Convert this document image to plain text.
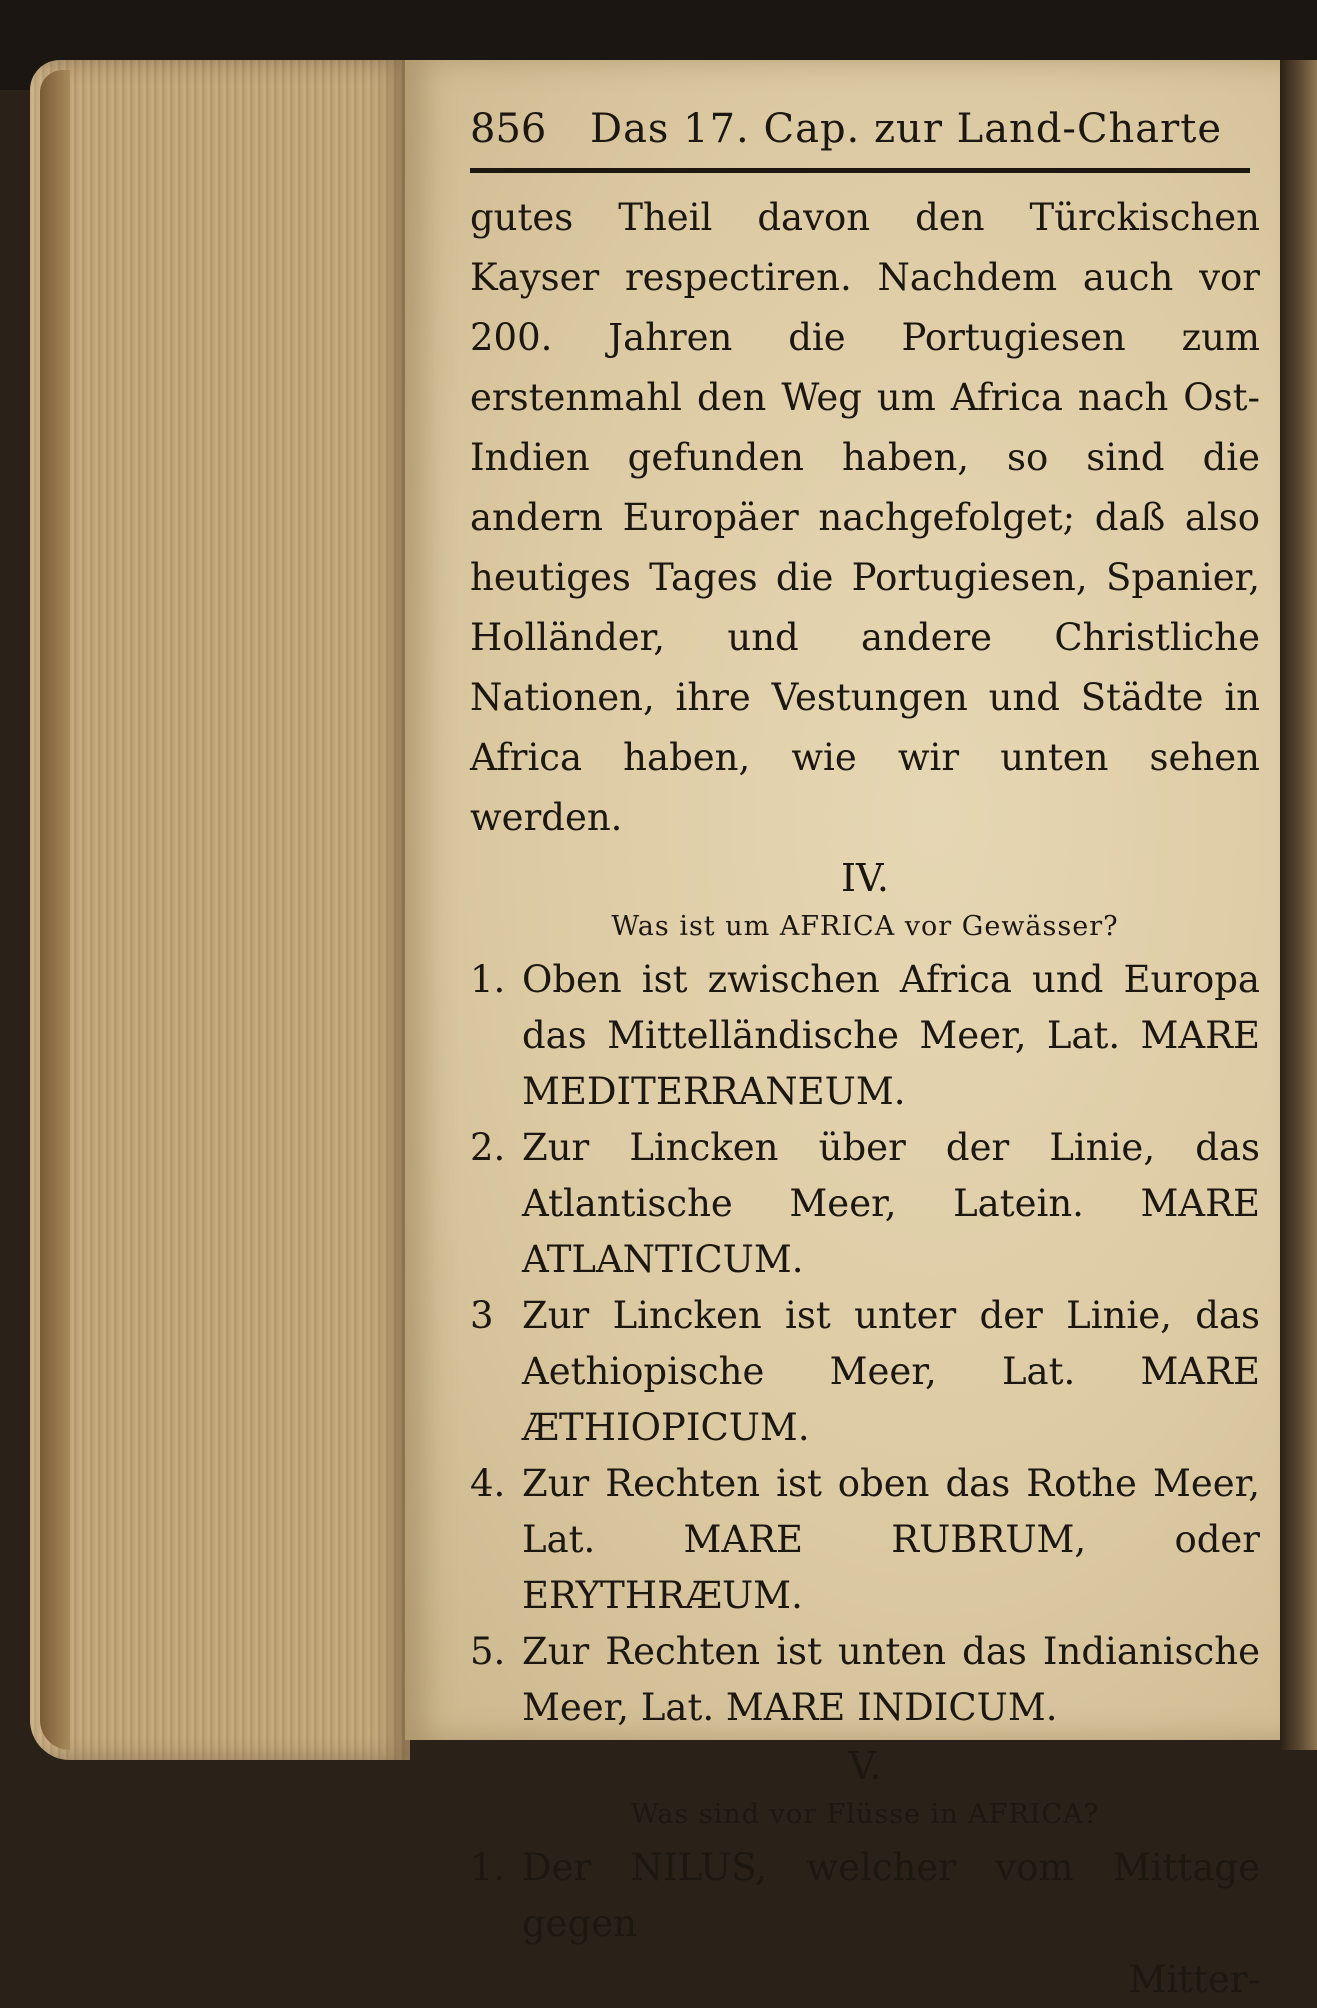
856 Das 17. Cap. zur Land-Charte
gutes Theil davon den Türckischen Kayser respectiren. Nachdem auch vor 200. Jahren die Portugiesen zum erstenmahl den Weg um Africa nach Ost-Indien gefunden haben, so sind die andern Europäer nachgefolget; daß also heutiges Tages die Portugiesen, Spanier, Holländer, und andere Christliche Nationen, ihre Vestungen und Städte in Africa haben, wie wir unten sehen werden.
IV.
Was ist um AFRICA vor Gewässer?
1. Oben ist zwischen Africa und Europa das Mittelländische Meer, Lat. MARE MEDITERRANEUM.
2. Zur Lincken über der Linie, das Atlantische Meer, Latein. MARE ATLANTICUM.
3 Zur Lincken ist unter der Linie, das Aethiopische Meer, Lat. MARE ÆTHIOPICUM.
4. Zur Rechten ist oben das Rothe Meer, Lat. MARE RUBRUM, oder ERYTHRÆUM.
5. Zur Rechten ist unten das Indianische Meer, Lat. MARE INDICUM.
V.
Was sind vor Flüsse in AFRICA?
1. Der NILUS, welcher vom Mittage gegen
Mitter-
